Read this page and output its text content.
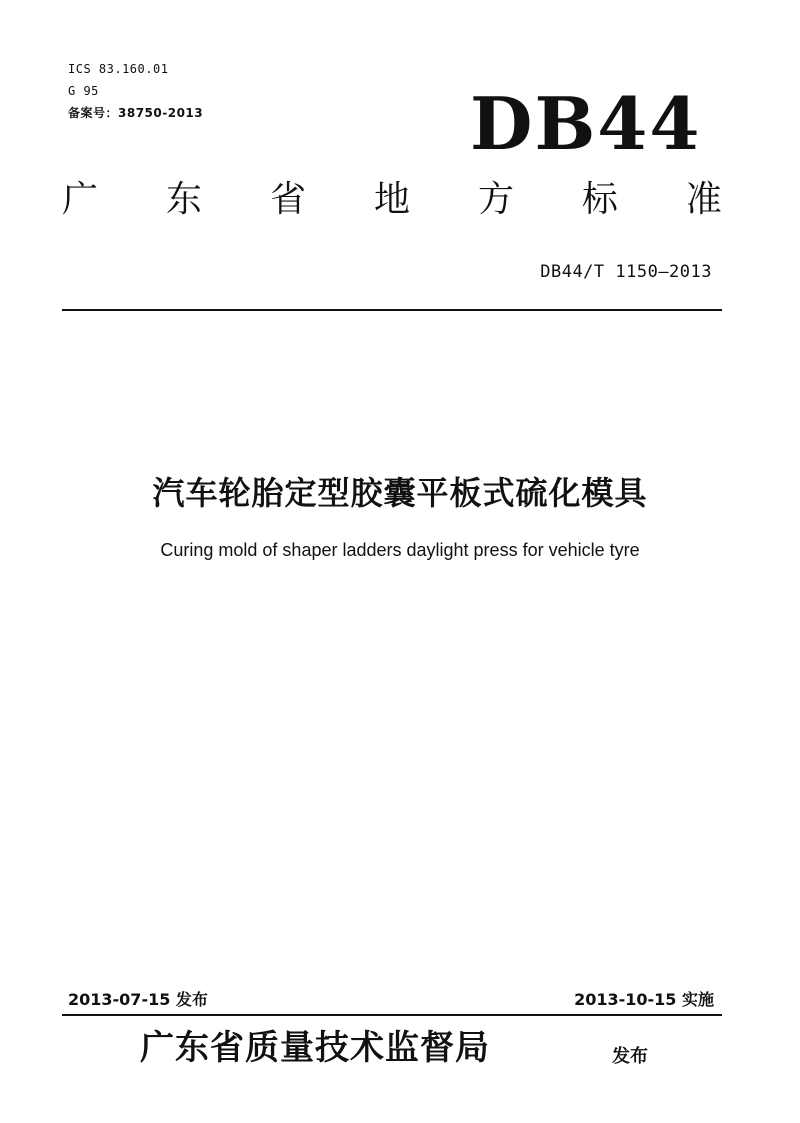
ICS 83.160.01
G 95
备案号：38750-2013	DB44
广 东 省 地 方 标 准
DB44/T 1150—2013
汽车轮胎定型胶囊平板式硫化模具
Curing mold of shaper ladders daylight press for vehicle tyre
2013-07-15 发布	2013-10-15 实施
广东省质量技术监督局	发布
